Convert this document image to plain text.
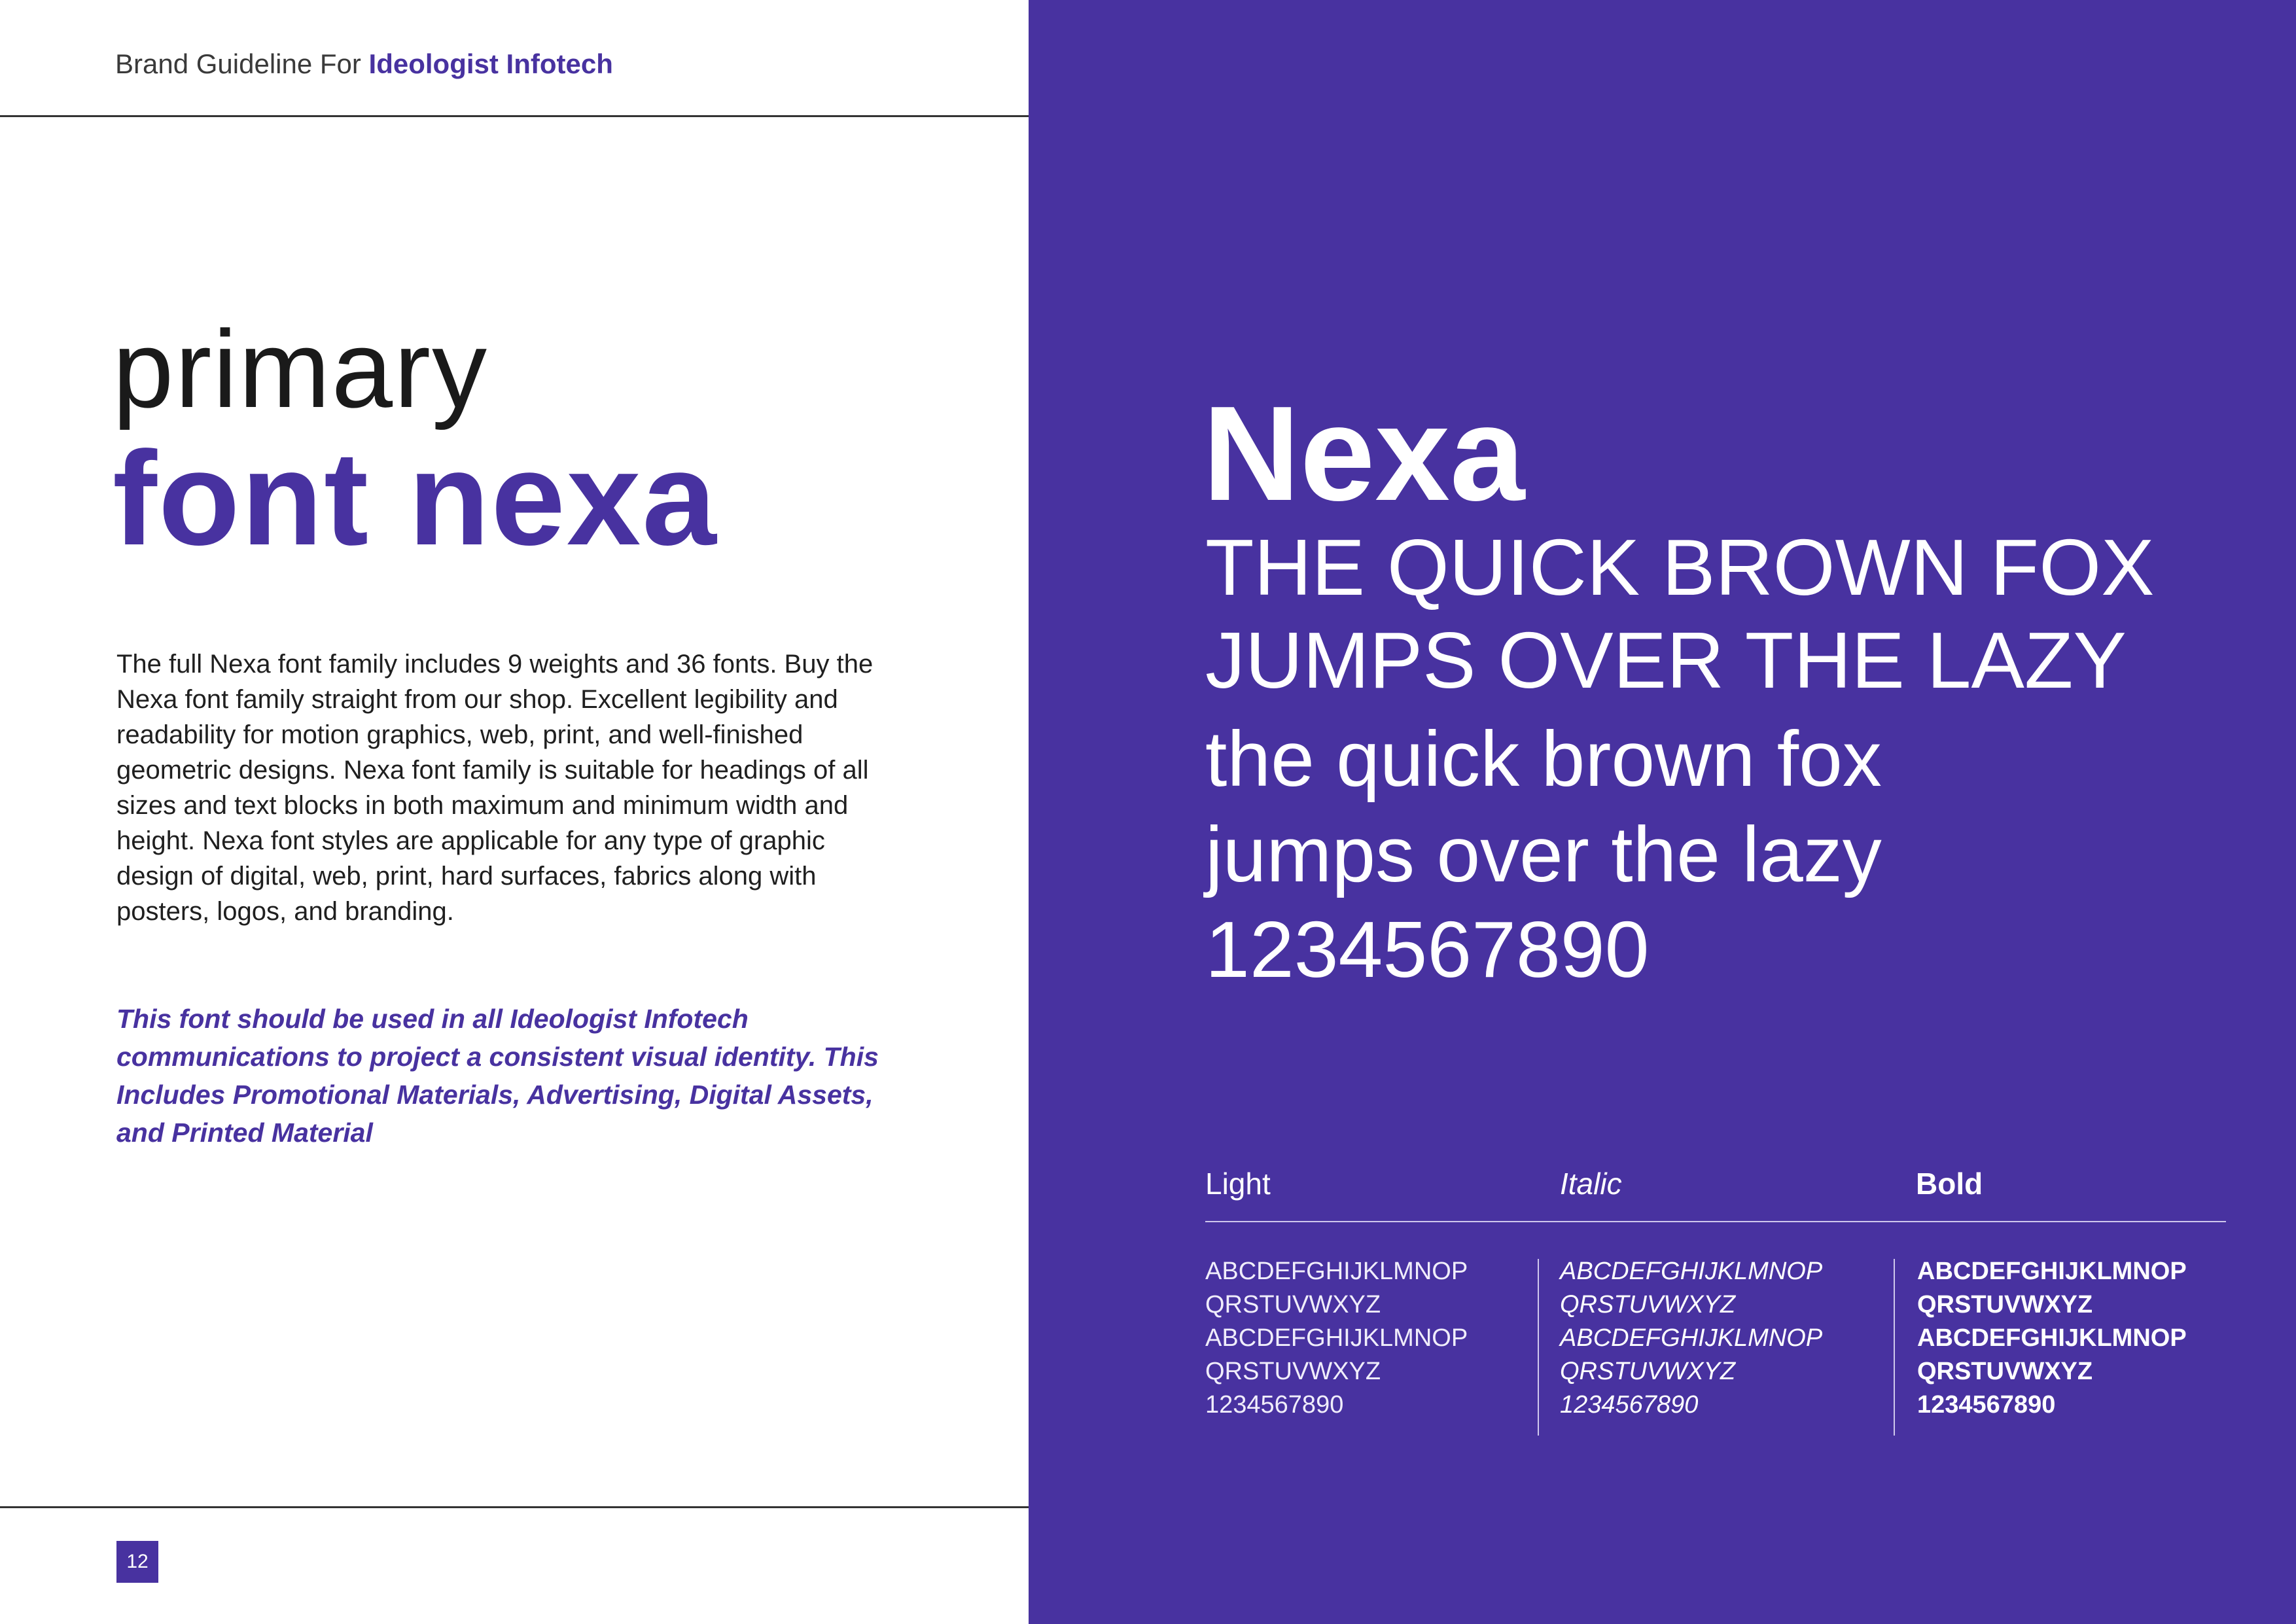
Brand Guideline For Ideologist Infotech
primary
font nexa

The full Nexa font family includes 9 weights and 36 fonts. Buy the Nexa font family straight from our shop. Excellent legibility and readability for motion graphics, web, print, and well-ﬁnished geometric designs. Nexa font family is suitable for headings of all sizes and text blocks in both maximum and minimum width and height. Nexa font styles are applicable for any type of graphic design of digital, web, print, hard surfaces, fabrics along with posters, logos, and branding.

This font should be used in all Ideologist Infotech communications to project a consistent visual identity. This Includes Promotional Materials, Advertising, Digital Assets, and Printed Material

12
Nexa
THE QUICK BROWN FOX
JUMPS OVER THE LAZY
the quick brown fox
jumps over the lazy
1234567890
Light	Italic	Bold
ABCDEFGHIJKLMNOP
QRSTUVWXYZ
ABCDEFGHIJKLMNOP
QRSTUVWXYZ
1234567890
ABCDEFGHIJKLMNOP
QRSTUVWXYZ
ABCDEFGHIJKLMNOP
QRSTUVWXYZ
1234567890
ABCDEFGHIJKLMNOP
QRSTUVWXYZ
ABCDEFGHIJKLMNOP
QRSTUVWXYZ
1234567890
